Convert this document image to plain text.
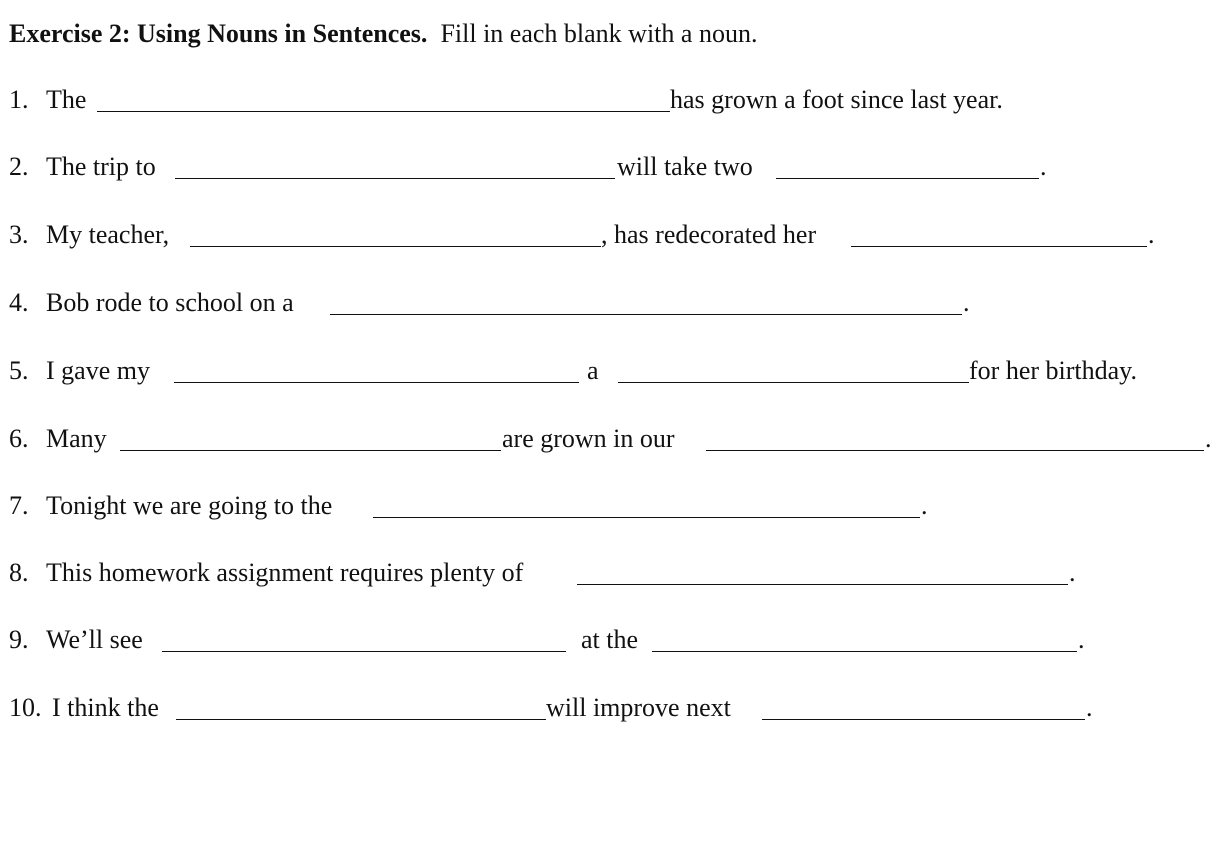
Exercise 2: Using Nouns in Sentences. Fill in each blank with a noun.
1. The	has grown a foot since last year.
2. The trip to	will take two	.
3. My teacher,	, has redecorated her	.
4. Bob rode to school on a	.
5. I gave my	a	for her birthday.
6. Many	are grown in our	.
7. Tonight we are going to the	.
8. This homework assignment requires plenty of	.
9. We’ll see	at the	.
10. I think the	will improve next	.
